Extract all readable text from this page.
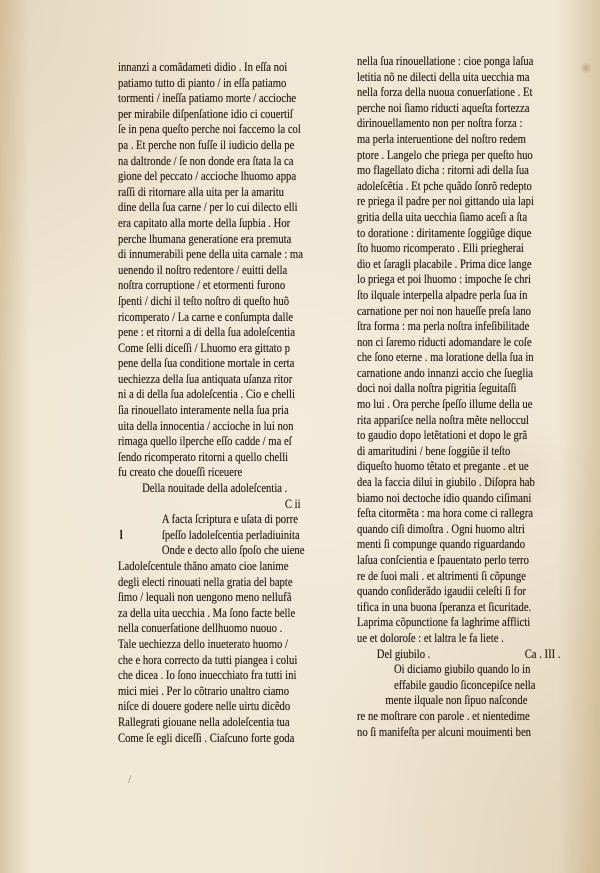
innanzi a comãdameti didio . In eſſa noi
patiamo tutto di pianto / in eſſa patiamo
tormenti / ineſſa patiamo morte / accioche
per mirabile diſpenſatione idio ci couertiſ
ſe in pena queſto perche noi faccemo la col
pa . Et perche non fuſſe il iudicio della pe
na daltronde / ſe non donde era ſtata la ca
gione del peccato / accioche lhuomo appa
raſſi di ritornare alla uita per la amaritu
dine della ſua carne / per lo cui dilecto elli
era capitato alla morte della ſupbia . Hor
perche lhumana generatione era premuta
di innumerabili pene della uita carnale : ma
uenendo il noſtro redentore / euitti della
noſtra corruptione / et etormenti furono
ſpenti / dichi il teſto noſtro di queſto huõ
ricomperato / La carne e conſumpta dalle
pene : et ritorni a di della ſua adoleſcentia
Come ſelli diceſſi / Lhuomo era gittato p
pene della ſua conditione mortale in certa
uechiezza della ſua antiquata uſanza ritor
ni a di della ſua adoleſcentia . Cio e chelli
ſia rinouellato interamente nella ſua pria
uita della innocentia / accioche in lui non
rimaga quello ilperche eſſo cadde / ma eſ
ſendo ricomperato ritorni a quello chelli
fu creato che doueſſi riceuere
Della nouitade della adoleſcentia .
C ii
A facta ſcriptura e uſata di porre
ſpeſſo ladoleſcentia perladiuinita
Onde e decto allo ſpoſo che uiene
Ladoleſcentule thãno amato cioe lanime
degli electi rinouati nella gratia del bapte
ſimo / lequali non uengono meno nellufã
za della uita uecchia . Ma ſono facte belle
nella conuerſatione dellhuomo nuouo .
Tale uechiezza dello inueterato huomo /
che e hora correcto da tutti piangea i colui
che dicea . Io ſono inuecchiato fra tutti ini
mici miei . Per lo cõtrario unaltro ciamo
niſce di douere godere nelle uirtu dicẽdo
Rallegrati giouane nella adoleſcentia tua
Come ſe egli diceſſi . Ciaſcuno forte goda
l
nella ſua rinouellatione : cioe ponga laſua
letitia nõ ne dilecti della uita uecchia ma
nella forza della nuoua conuerſatione . Et
perche noi ſiamo riducti aqueſta fortezza
dirinouellamento non per noſtra forza :
ma perla interuentione del noſtro redem
ptore . Langelo che priega per queſto huo
mo flagellato dicha : ritorni adi della ſua
adoleſcẽtia . Et pche quãdo ſonrõ redepto
re priega il padre per noi gittando uia lapi
gritia della uita uecchia ſiamo aceſi a ſta
to doratione : diritamente ſoggiũge dique
ſto huomo ricomperato . Elli priegherai
dio et ſaragli placabile . Prima dice lange
lo priega et poi lhuomo : impoche ſe chri
ſto ilquale interpella alpadre perla ſua in
carnatione per noi non haueſſe preſa lano
ſtra forma : ma perla noſtra infeſibilitade
non ci ſaremo riducti adomandare le coſe
che ſono eterne . ma loratione della ſua in
carnatione ando innanzi accio che ſueglia
doci noi dalla noſtra pigritia ſeguitaſſi
mo lui . Ora perche ſpeſſo illume della ue
rita appariſce nella noſtra mẽte nelloccul
to gaudio dopo letẽtationi et dopo le grã
di amaritudini / bene ſoggiũe il teſto
diqueſto huomo tẽtato et pregante . et ue
dea la faccia dilui in giubilo . Diſopra hab
biamo noi dectoche idio quando ciſimani
feſta citormẽta : ma hora come ci rallegra
quando ciſi dimoſtra . Ogni huomo altri
menti ſi compunge quando riguardando
laſua conſcientia e ſpauentato perlo terro
re de ſuoi mali . et altrimenti ſi cõpunge
quando conſiderãdo igaudii celeſti ſi for
tifica in una buona ſperanza et ſicuritade.
Laprima cõpunctione fa laghrime afflicti
ue et doloroſe : et laltra le fa liete .
Del giubilo .	Ca . III .
Oi diciamo giubilo quando lo in
effabile gaudio ſiconcepiſce nella
mente ilquale non ſipuo naſconde
re ne moſtrare con parole . et nientedime
no ſi manifeſta per alcuni mouimenti ben
/
